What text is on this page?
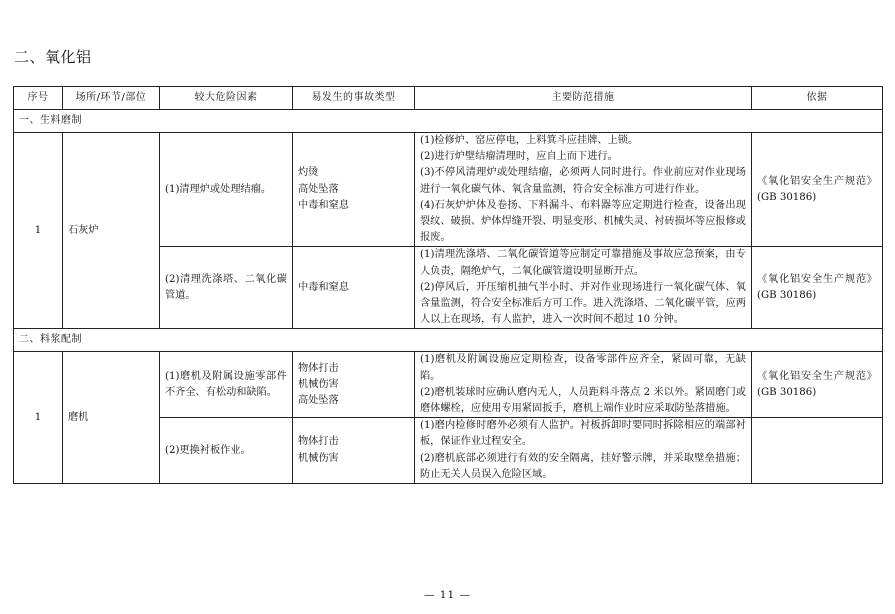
二、氧化铝
序号	场所/环节/部位	较大危险因素	易发生的事故类型	主要防范措施	依据
一、生料磨制					
1	石灰炉	(1)清理炉或处理结瘤。	灼烫
高处坠落
中毒和窒息	(1)检修炉、窑应停电，上料箕斗应挂牌、上锁。
(2)进行炉壁结瘤清理时，应自上而下进行。
(3)不停风清理炉或处理结瘤，必须两人同时进行。作业前应对作业现场进行一氧化碳气体、氧含量监测，符合安全标准方可进行作业。
(4)石灰炉炉体及卷扬、下料漏斗、布料器等应定期进行检查，设备出现裂纹、破损、炉体焊缝开裂、明显变形、机械失灵、衬砖损坏等应报修或报废。	《氧化铝安全生产规范》(GB 30186)
		(2)清理洗涤塔、二氧化碳管道。	中毒和窒息	(1)清理洗涤塔、二氧化碳管道等应制定可靠措施及事故应急预案，由专人负责，隔绝炉气，二氧化碳管道设明显断开点。
(2)停风后，开压缩机抽气半小时、并对作业现场进行一氧化碳气体、氧含量监测，符合安全标准后方可工作。进入洗涤塔、二氧化碳平管，应两人以上在现场，有人监护，进入一次时间不超过 10 分钟。	《氧化铝安全生产规范》(GB 30186)
二、料浆配制					
1	磨机	(1)磨机及附属设施零部件不齐全、有松动和缺陷。	物体打击
机械伤害
高处坠落	(1)磨机及附属设施应定期检查，设备零部件应齐全，紧固可靠，无缺陷。
(2)磨机装球时应确认磨内无人，人员距料斗落点 2 米以外。紧固磨门或磨体螺栓，应使用专用紧固扳手，磨机上端作业时应采取防坠落措施。	《氧化铝安全生产规范》(GB 30186)
		(2)更换衬板作业。	物体打击
机械伤害	(1)磨内检修时磨外必须有人监护。衬板拆卸时要同时拆除相应的端部衬板，保证作业过程安全。
(2)磨机底部必须进行有效的安全隔离，挂好警示牌，并采取壁垒措施；防止无关人员误入危险区域。	

— 11 —
